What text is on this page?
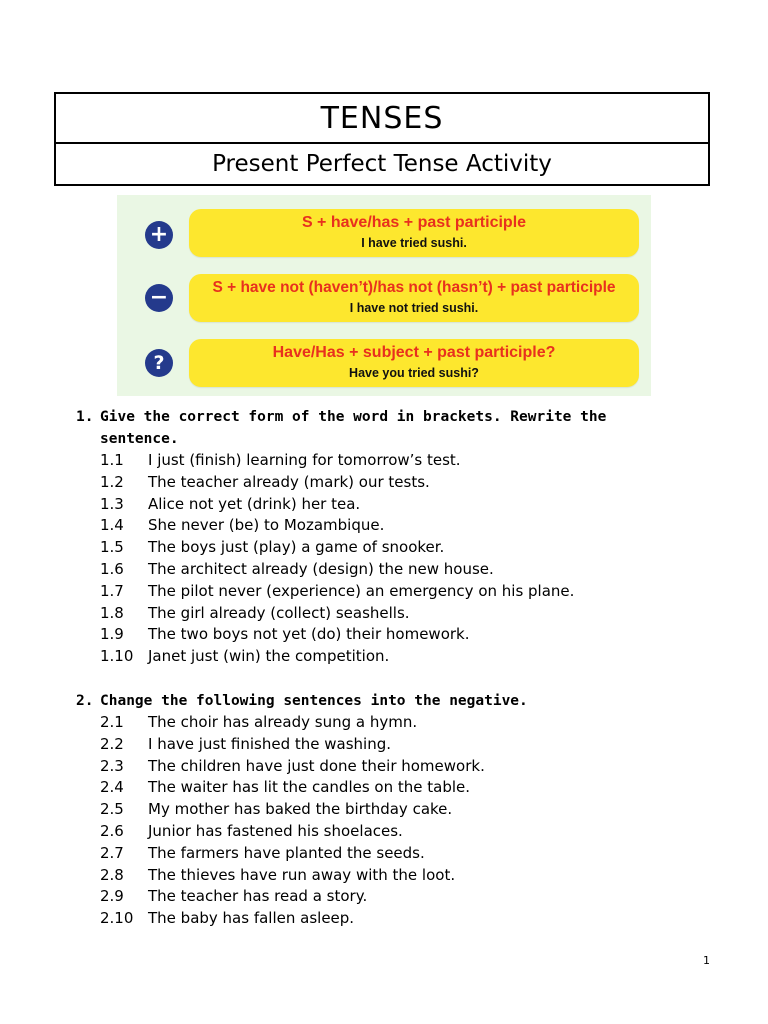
TENSES
Present Perfect Tense Activity
+	S + have/has + past participle
I have tried sushi.
−	S + have not (haven’t)/has not (hasn’t) + past participle
I have not tried sushi.
?	Have/Has + subject + past participle?
Have you tried sushi?
1. Give the correct form of the word in brackets. Rewrite the sentence.
1.1	I just (finish) learning for tomorrow’s test.
1.2	The teacher already (mark) our tests.
1.3	Alice not yet (drink) her tea.
1.4	She never (be) to Mozambique.
1.5	The boys just (play) a game of snooker.
1.6	The architect already (design) the new house.
1.7	The pilot never (experience) an emergency on his plane.
1.8	The girl already (collect) seashells.
1.9	The two boys not yet (do) their homework.
1.10 Janet just (win) the competition.
2. Change the following sentences into the negative.
2.1	The choir has already sung a hymn.
2.2	I have just finished the washing.
2.3	The children have just done their homework.
2.4	The waiter has lit the candles on the table.
2.5	My mother has baked the birthday cake.
2.6	Junior has fastened his shoelaces.
2.7	The farmers have planted the seeds.
2.8	The thieves have run away with the loot.
2.9	The teacher has read a story.
2.10 The baby has fallen asleep.
1
